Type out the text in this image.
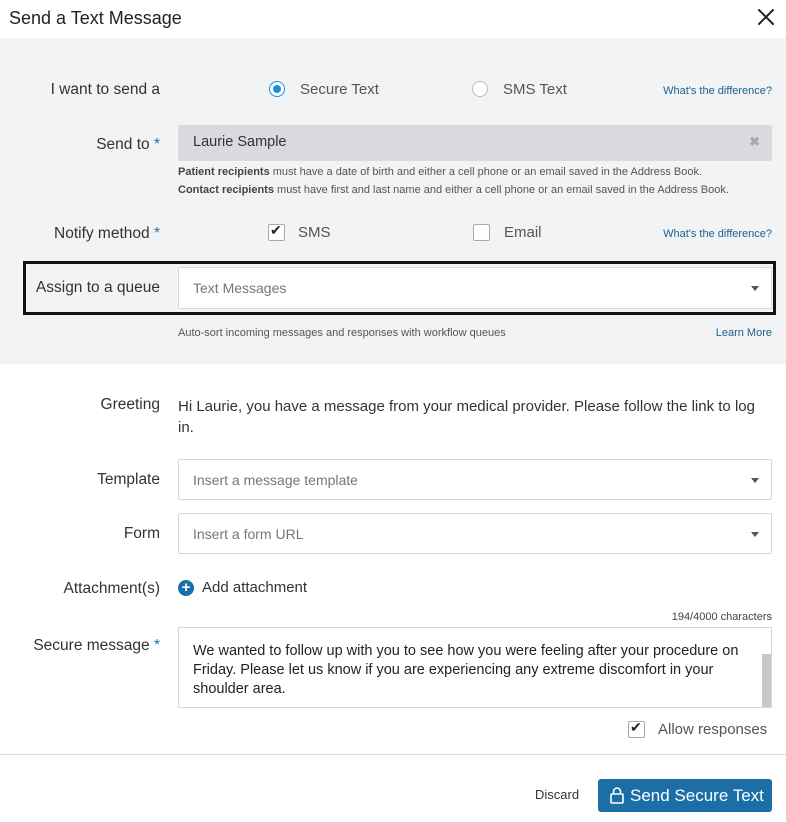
Send a Text Message
I want to send a	Secure Text	SMS Text	What's the difference?
Send to * Laurie Sample	✖
Patient recipients must have a date of birth and either a cell phone or an email saved in the Address Book.
Contact recipients must have first and last name and either a cell phone or an email saved in the Address Book.
Notify method *	✔ SMS	Email	What's the difference?
Assign to a queue Text Messages
Auto-sort incoming messages and responses with workflow queues	Learn More
Greeting Hi Laurie, you have a message from your medical provider. Please follow the link to log in.
Template Insert a message template
Form Insert a form URL
Attachment(s) + Add attachment
194/4000 characters
Secure message * We wanted to follow up with you to see how you were feeling after your procedure on Friday. Please let us know if you are experiencing any extreme discomfort in your shoulder area.
✔ Allow responses
Discard	Send Secure Text
